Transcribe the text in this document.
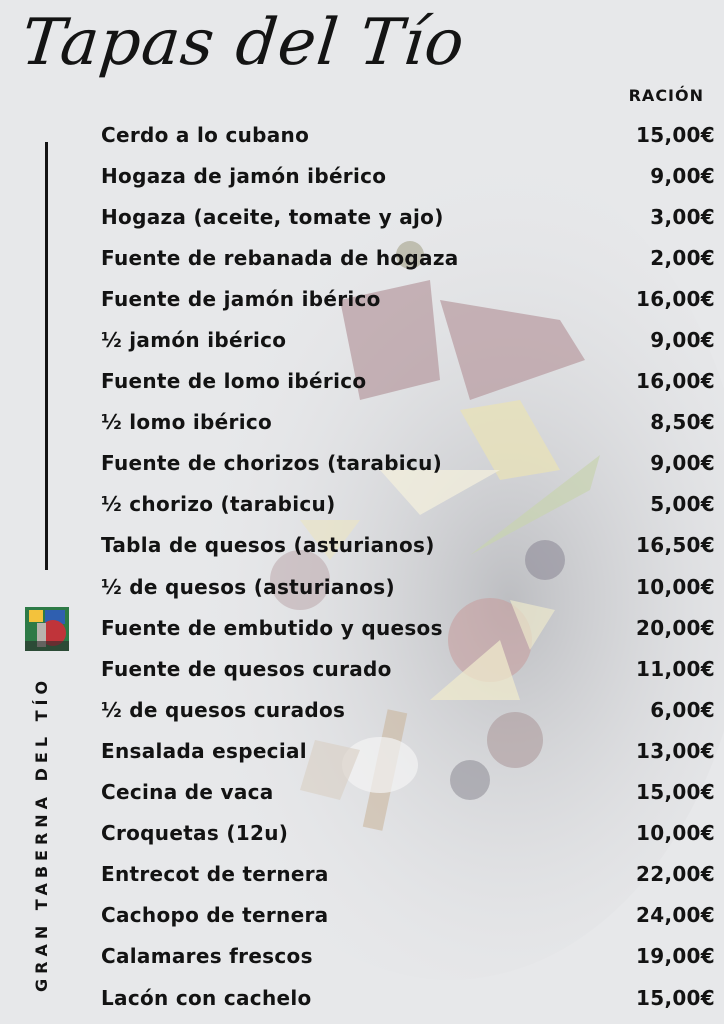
Tapas del Tío
RACIÓN
GRAN TABERNA DEL TÍO
Cerdo a lo cubano	15,00€
Hogaza de jamón ibérico	9,00€
Hogaza (aceite, tomate y ajo)	3,00€
Fuente de rebanada de hogaza	2,00€
Fuente de jamón ibérico	16,00€
½ jamón ibérico	9,00€
Fuente de lomo ibérico	16,00€
½ lomo ibérico	8,50€
Fuente de chorizos (tarabicu)	9,00€
½ chorizo (tarabicu)	5,00€
Tabla de quesos (asturianos)	16,50€
½ de quesos (asturianos)	10,00€
Fuente de embutido y quesos	20,00€
Fuente de quesos curado	11,00€
½ de quesos curados	6,00€
Ensalada especial	13,00€
Cecina de vaca	15,00€
Croquetas (12u)	10,00€
Entrecot de ternera	22,00€
Cachopo de ternera	24,00€
Calamares frescos	19,00€
Lacón con cachelo	15,00€
